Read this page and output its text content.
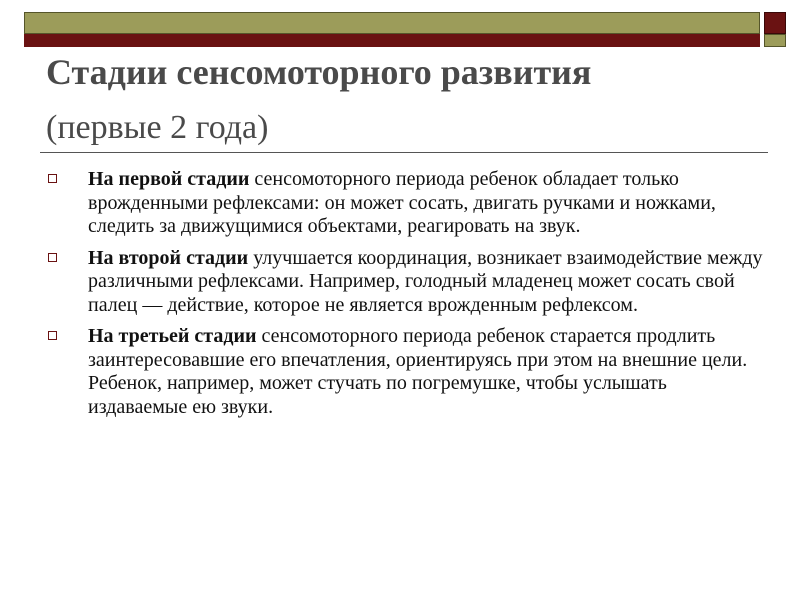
Стадии сенсомоторного развития
(первые 2 года)
На первой стадии сенсомоторного периода ребенок обладает только врожденными рефлексами: он может сосать, двигать ручками и ножками, следить за движущимися объектами, реагировать на звук.
На второй стадии улучшается координация, возникает взаимодействие между различными рефлексами. Например, голодный младенец может сосать свой палец — действие, которое не является врожденным рефлексом.
На третьей стадии сенсомоторного периода ребенок старается продлить заинтересовавшие его впечатления, ориентируясь при этом на внешние цели. Ребенок, например, может стучать по погремушке, чтобы услышать издаваемые ею звуки.
